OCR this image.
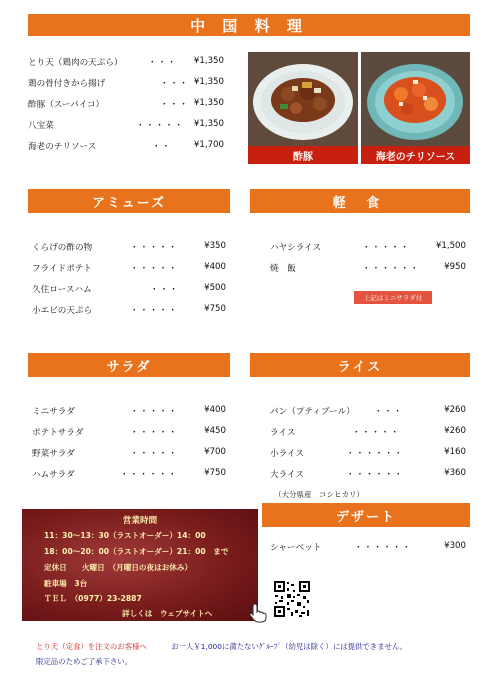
中 国 料 理
とり天（鶏肉の天ぷら）	・・・ ¥1,350
鶏の骨付きから揚げ	・・・ ¥1,350
酢豚（スーパイコ）	・・・ ¥1,350
八宝菜	・・・・・ ¥1,350
海老のチリソース	・・	¥1,700
酢豚	海老のチリソース
アミューズ
くらげの酢の物	・・・・・	¥350
フライドポテト	・・・・・	¥400
久住ロースハム	・・・	¥500
小エビの天ぷら	・・・・・	¥750
軽 食
ハヤシライス	・・・・・	¥1,500
焼　飯	・・・・・・	¥950
上記はミニサラダ付
サラダ
ミニサラダ	・・・・・	¥400
ポテトサラダ	・・・・・	¥450
野菜サラダ	・・・・・	¥700
ハムサラダ	・・・・・・	¥750
ライス
パン（プティブール） ・・・	¥260
ライス	・・・・・	¥260
小ライス	・・・・・・	¥160
大ライス	・・・・・・	¥360
（大分県産　コシヒカリ）
デザート
シャーベット	・・・・・・	¥300
営業時間
11：30～13：30（ラストオーダー）14：00
18：00～20：00（ラストオーダー）21：00　まで
定休日　　火曜日　（月曜日の夜はお休み）
駐車場　3台
ＴＥＬ　（0977）23-2887
詳しくは　ウェブサイトへ
とり天（定食）を注文のお客様へ	お一人￥1,000に満たないｸﾞﾙｰﾌﾟ（幼児は除く）には提供できません。
限定品のためご了承下さい。
